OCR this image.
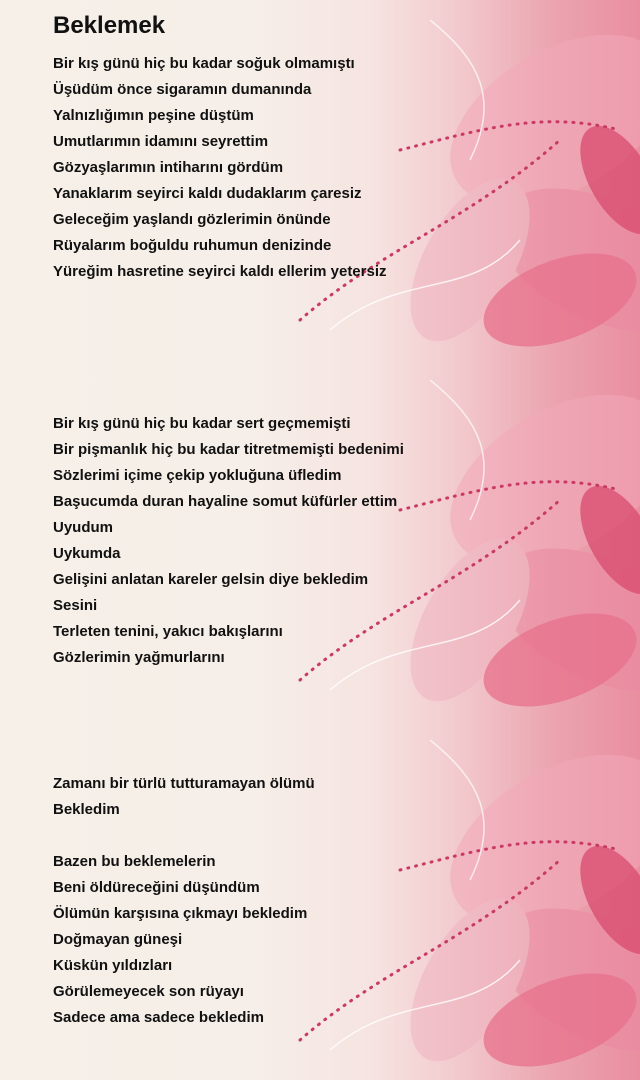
Beklemek
Bir kış günü hiç bu kadar soğuk olmamıştı
Üşüdüm önce sigaramın dumanında
Yalnızlığımın peşine düştüm
Umutlarımın idamını seyrettim
Gözyaşlarımın intiharını gördüm
Yanaklarım seyirci kaldı dudaklarım çaresiz
Geleceğim yaşlandı gözlerimin önünde
Rüyalarım boğuldu ruhumun denizinde
Yüreğim hasretine seyirci kaldı ellerim yetersiz
Bir kış günü hiç bu kadar sert geçmemişti
Bir pişmanlık hiç bu kadar titretmemişti bedenimi
Sözlerimi içime çekip yokluğuna üfledim
Başucumda duran hayaline somut küfürler ettim
Uyudum
Uykumda
Gelişini anlatan kareler gelsin diye bekledim
Sesini
Terleten tenini, yakıcı bakışlarını
Gözlerimin yağmurlarını
Zamanı bir türlü tutturamayan ölümü
Bekledim
Bazen bu beklemelerin
Beni öldüreceğini düşündüm
Ölümün karşısına çıkmayı bekledim
Doğmayan güneşi
Küskün yıldızları
Görülemeyecek son rüyayı
Sadece ama sadece bekledim
